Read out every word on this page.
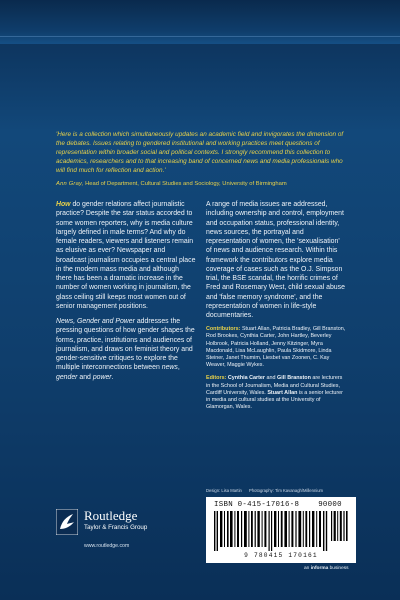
'Here is a collection which simultaneously updates an academic field and invigorates the dimension of the debates. Issues relating to gendered institutional and working practices meet questions of representation within broader social and political contexts. I strongly recommend this collection to academics, researchers and to that increasing band of concerned news and media professionals who will find much for reflection and action.'
Ann Gray, Head of Department, Cultural Studies and Sociology, University of Birmingham

How do gender relations affect journalistic practice? Despite the star status accorded to some women reporters, why is media culture largely defined in male terms? And why do female readers, viewers and listeners remain as elusive as ever? Newspaper and broadcast journalism occupies a central place in the modern mass media and although there has been a dramatic increase in the number of women working in journalism, the glass ceiling still keeps most women out of senior management positions.

News, Gender and Power addresses the pressing questions of how gender shapes the forms, practice, institutions and audiences of journalism, and draws on feminist theory and gender-sensitive critiques to explore the multiple interconnections between news, gender and power.

A range of media issues are addressed, including ownership and control, employment and occupation status, professional identity, news sources, the portrayal and representation of women, the 'sexualisation' of news and audience research. Within this framework the contributors explore media coverage of cases such as the O.J. Simpson trial, the BSE scandal, the horrific crimes of Fred and Rosemary West, child sexual abuse and 'false memory syndrome', and the representation of women in life-style documentaries.

Contributors: Stuart Allan, Patricia Bradley, Gill Branston, Rod Brookes, Cynthia Carter, John Hartley, Beverley Holbrook, Patricia Holland, Jenny Kitzinger, Myra Macdonald, Lisa McLaughlin, Paula Skidmore, Linda Steiner, Janet Thumim, Liesbet van Zoonen, C. Kay Weaver, Maggie Wykes.

Editors: Cynthia Carter and Gill Branston are lecturers in the School of Journalism, Media and Cultural Studies, Cardiff University, Wales. Stuart Allan is a senior lecturer in media and cultural studies at the University of Glamorgan, Wales.

Design: Lisa Martin Photography: Tim Kavanagh/Millennium
Routledge
Taylor & Francis Group
www.routledge.com
ISBN 0-415-17016-8	90000
9 780415 170161
an informa business
